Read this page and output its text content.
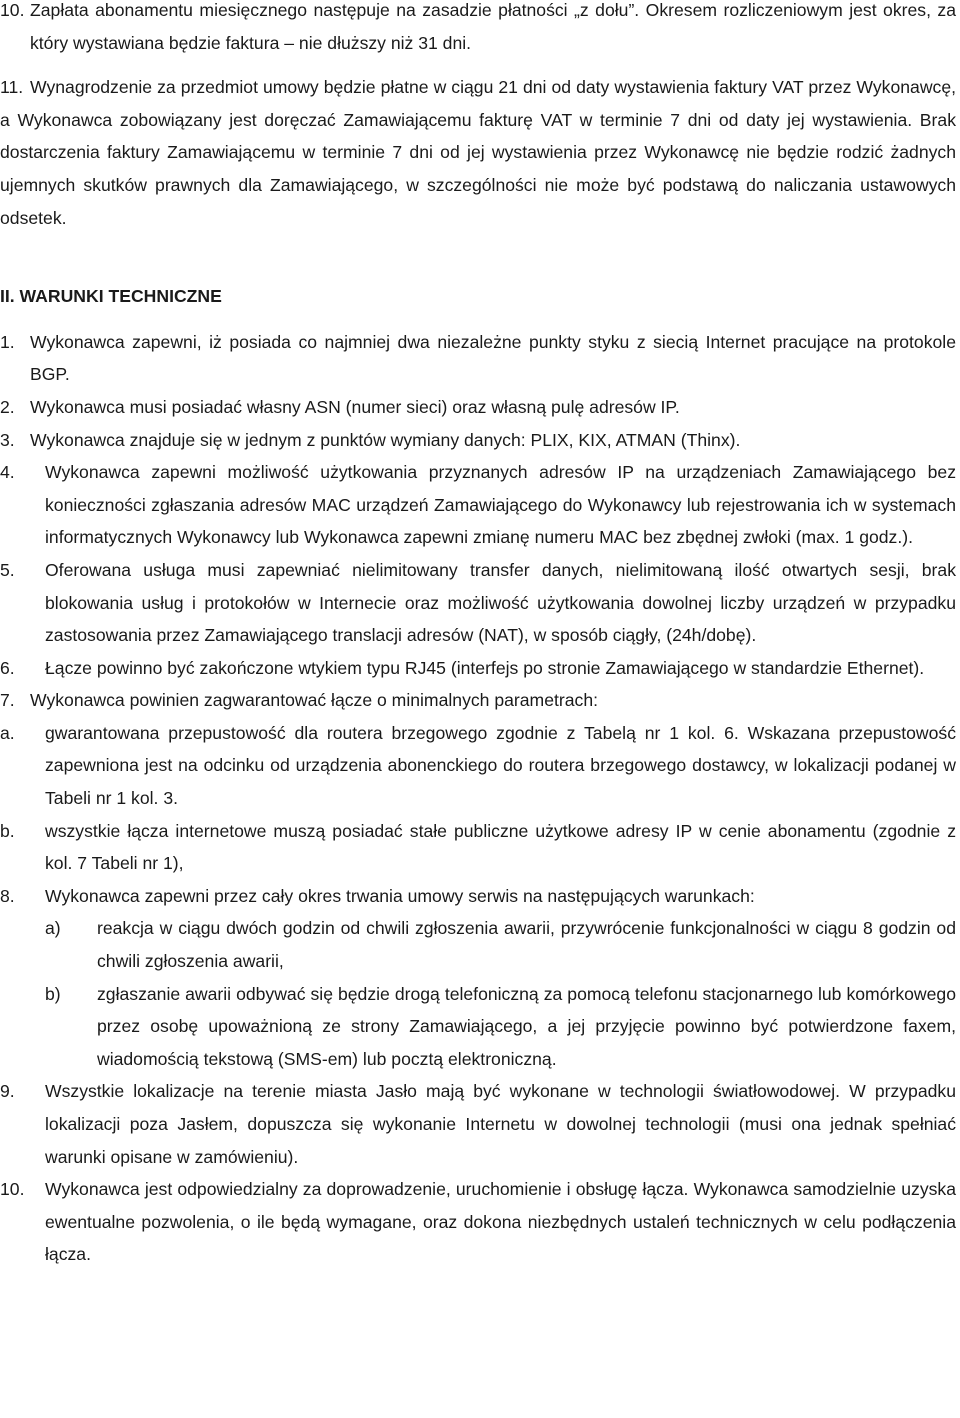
10. Zapłata abonamentu miesięcznego następuje na zasadzie płatności „z dołu”. Okresem rozliczeniowym jest okres, za który wystawiana będzie faktura – nie dłuższy niż 31 dni.
11. Wynagrodzenie za przedmiot umowy będzie płatne w ciągu 21 dni od daty wystawienia faktury VAT przez Wykonawcę, a Wykonawca zobowiązany jest doręczać Zamawiającemu fakturę VAT w terminie 7 dni od daty jej wystawienia. Brak dostarczenia faktury Zamawiającemu w terminie 7 dni od jej wystawienia przez Wykonawcę nie będzie rodzić żadnych ujemnych skutków prawnych dla Zamawiającego, w szczególności nie może być podstawą do naliczania ustawowych odsetek.
II. WARUNKI TECHNICZNE
1. Wykonawca zapewni, iż posiada co najmniej dwa niezależne punkty styku z siecią Internet pracujące na protokole BGP.
2. Wykonawca musi posiadać własny ASN (numer sieci) oraz własną pulę adresów IP.
3. Wykonawca znajduje się w jednym z punktów wymiany danych: PLIX, KIX, ATMAN (Thinx).
4. Wykonawca zapewni możliwość użytkowania przyznanych adresów IP na urządzeniach Zamawiającego bez konieczności zgłaszania adresów MAC urządzeń Zamawiającego do Wykonawcy lub rejestrowania ich w systemach informatycznych Wykonawcy lub Wykonawca zapewni zmianę numeru MAC bez zbędnej zwłoki (max. 1 godz.).
5. Oferowana usługa musi zapewniać nielimitowany transfer danych, nielimitowaną ilość otwartych sesji, brak blokowania usług i protokołów w Internecie oraz możliwość użytkowania dowolnej liczby urządzeń w przypadku zastosowania przez Zamawiającego translacji adresów (NAT), w sposób ciągły, (24h/dobę).
6. Łącze powinno być zakończone wtykiem typu RJ45 (interfejs po stronie Zamawiającego w standardzie Ethernet).
7. Wykonawca powinien zagwarantować łącze o minimalnych parametrach:
a. gwarantowana przepustowość dla routera brzegowego zgodnie z Tabelą nr 1 kol. 6. Wskazana przepustowość zapewniona jest na odcinku od urządzenia abonenckiego do routera brzegowego dostawcy, w lokalizacji podanej w Tabeli nr 1 kol. 3.
b. wszystkie łącza internetowe muszą posiadać stałe publiczne użytkowe adresy IP w cenie abonamentu (zgodnie z kol. 7 Tabeli nr 1),
8. Wykonawca zapewni przez cały okres trwania umowy serwis na następujących warunkach:
a) reakcja w ciągu dwóch godzin od chwili zgłoszenia awarii, przywrócenie funkcjonalności w ciągu 8 godzin od chwili zgłoszenia awarii,
b) zgłaszanie awarii odbywać się będzie drogą telefoniczną za pomocą telefonu stacjonarnego lub komórkowego przez osobę upoważnioną ze strony Zamawiającego, a jej przyjęcie powinno być potwierdzone faxem, wiadomością tekstową (SMS-em) lub pocztą elektroniczną.
9. Wszystkie lokalizacje na terenie miasta Jasło mają być wykonane w technologii światłowodowej. W przypadku lokalizacji poza Jasłem, dopuszcza się wykonanie Internetu w dowolnej technologii (musi ona jednak spełniać warunki opisane w zamówieniu).
10. Wykonawca jest odpowiedzialny za doprowadzenie, uruchomienie i obsługę łącza. Wykonawca samodzielnie uzyska ewentualne pozwolenia, o ile będą wymagane, oraz dokona niezbędnych ustaleń technicznych w celu podłączenia łącza.
